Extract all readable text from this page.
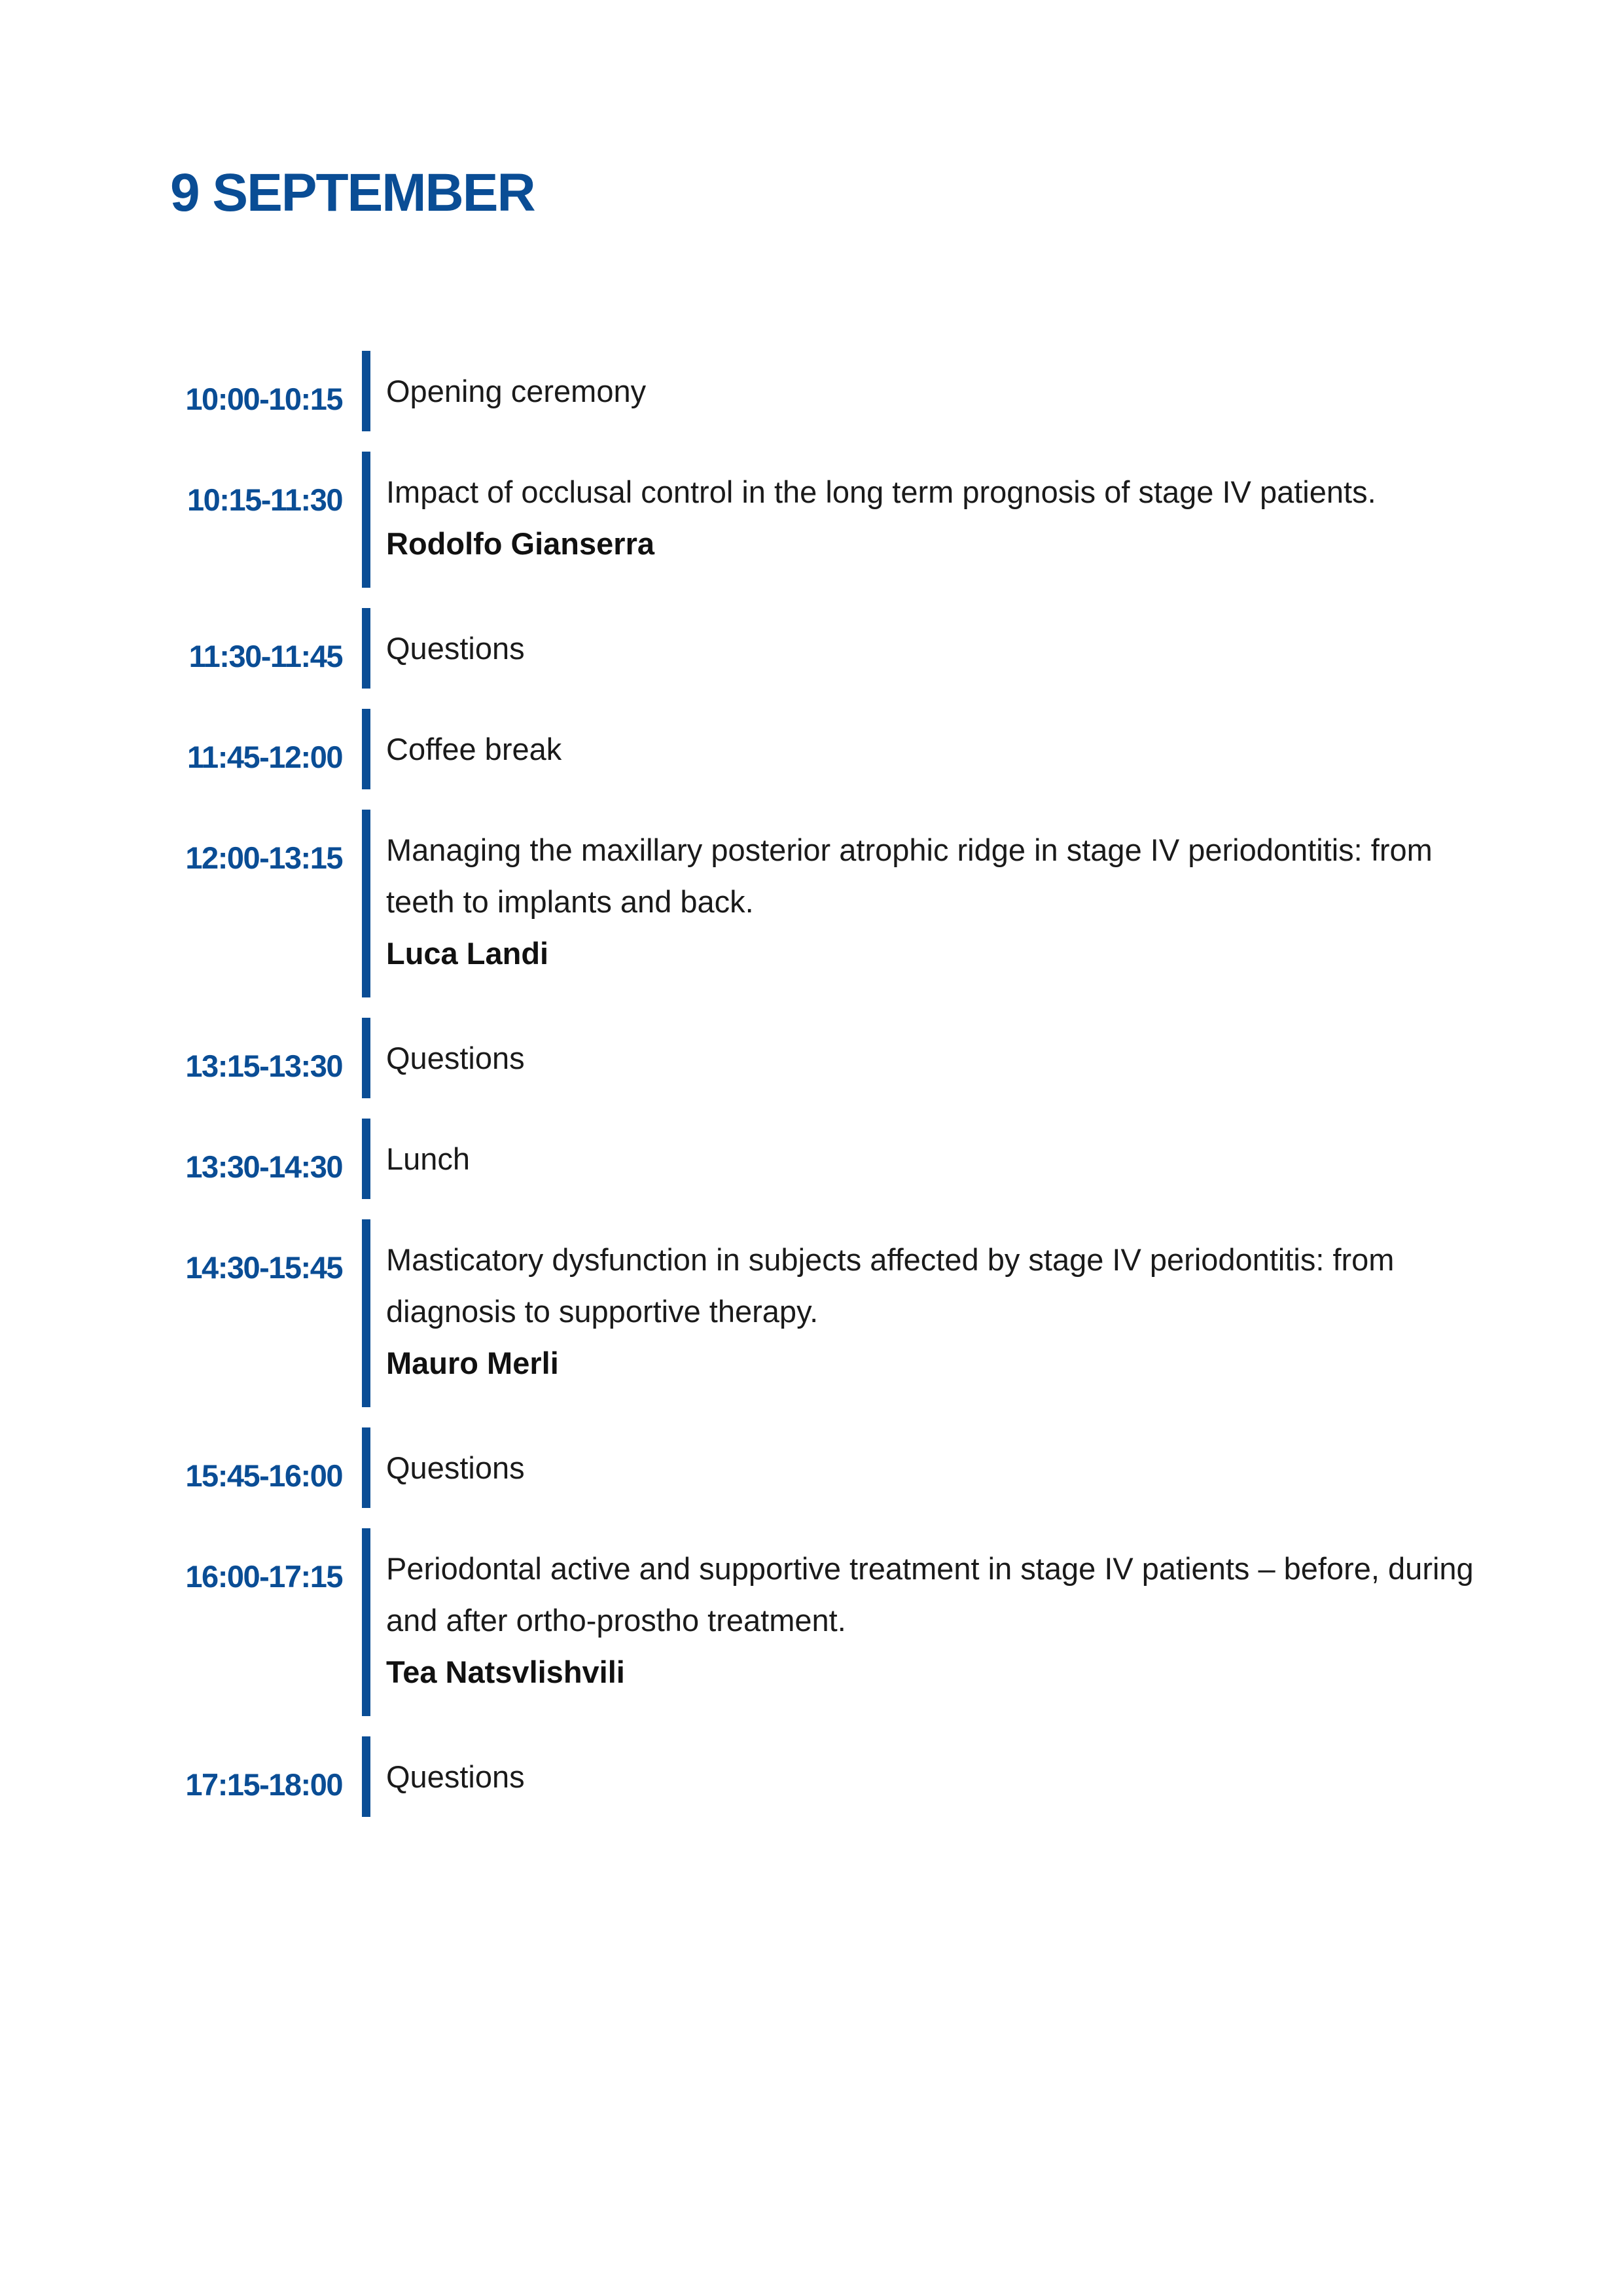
9 SEPTEMBER
10:00-10:15	Opening ceremony
10:15-11:30	Impact of occlusal control in the long term prognosis of stage IV patients.
Rodolfo Gianserra
11:30-11:45	Questions
11:45-12:00	Coffee break
12:00-13:15	Managing the maxillary posterior atrophic ridge in stage IV periodontitis: from teeth to implants and back.
Luca Landi
13:15-13:30	Questions
13:30-14:30	Lunch
14:30-15:45	Masticatory dysfunction in subjects affected by stage IV periodontitis: from diagnosis to supportive therapy.
Mauro Merli
15:45-16:00	Questions
16:00-17:15	Periodontal active and supportive treatment in stage IV patients – before, during and after ortho-prostho treatment.
Tea Natsvlishvili
17:15-18:00	Questions
